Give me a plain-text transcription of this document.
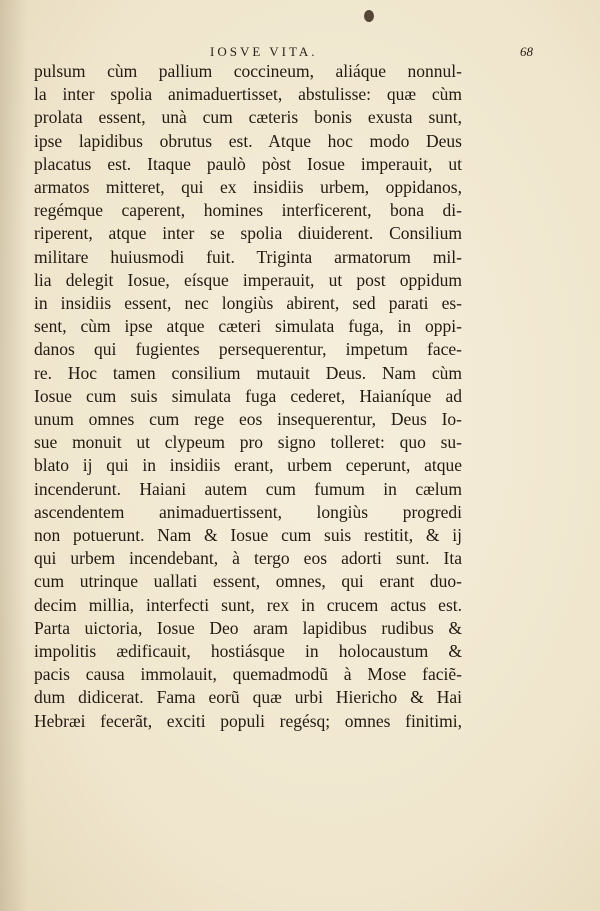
IOSVE VITA.	68
pulsum cùm pallium coccineum, aliáque nonnul-
la inter spolia animaduertisset, abstulisse: quæ cùm
prolata essent, unà cum cæteris bonis exusta sunt,
ipse lapidibus obrutus est. Atque hoc modo Deus
placatus est. Itaque paulò pòst Iosue imperauit, ut
armatos mitteret, qui ex insidiis urbem, oppidanos,
regémque caperent, homines interficerent, bona di-
riperent, atque inter se spolia diuiderent. Consilium
militare huiusmodi fuit. Triginta armatorum mil-
lia delegit Iosue, eísque imperauit, ut post oppidum
in insidiis essent, nec longiùs abirent, sed parati es-
sent, cùm ipse atque cæteri simulata fuga, in oppi-
danos qui fugientes persequerentur, impetum face-
re. Hoc tamen consilium mutauit Deus. Nam cùm
Iosue cum suis simulata fuga cederet, Haianíque ad
unum omnes cum rege eos insequerentur, Deus Io-
sue monuit ut clypeum pro signo tolleret: quo su-
blato ij qui in insidiis erant, urbem ceperunt, atque
incenderunt. Haiani autem cum fumum in cælum
ascendentem animaduertissent, longiùs progredi
non potuerunt. Nam & Iosue cum suis restitit, & ij
qui urbem incendebant, à tergo eos adorti sunt. Ita
cum utrinque uallati essent, omnes, qui erant duo-
decim millia, interfecti sunt, rex in crucem actus est.
Parta uictoria, Iosue Deo aram lapidibus rudibus &
impolitis ædificauit, hostiásque in holocaustum &
pacis causa immolauit, quemadmodũ à Mose faciẽ-
dum didicerat. Fama eorũ quæ urbi Hiericho & Hai
Hebræi fecerãt, exciti populi regésq; omnes finitimi,
